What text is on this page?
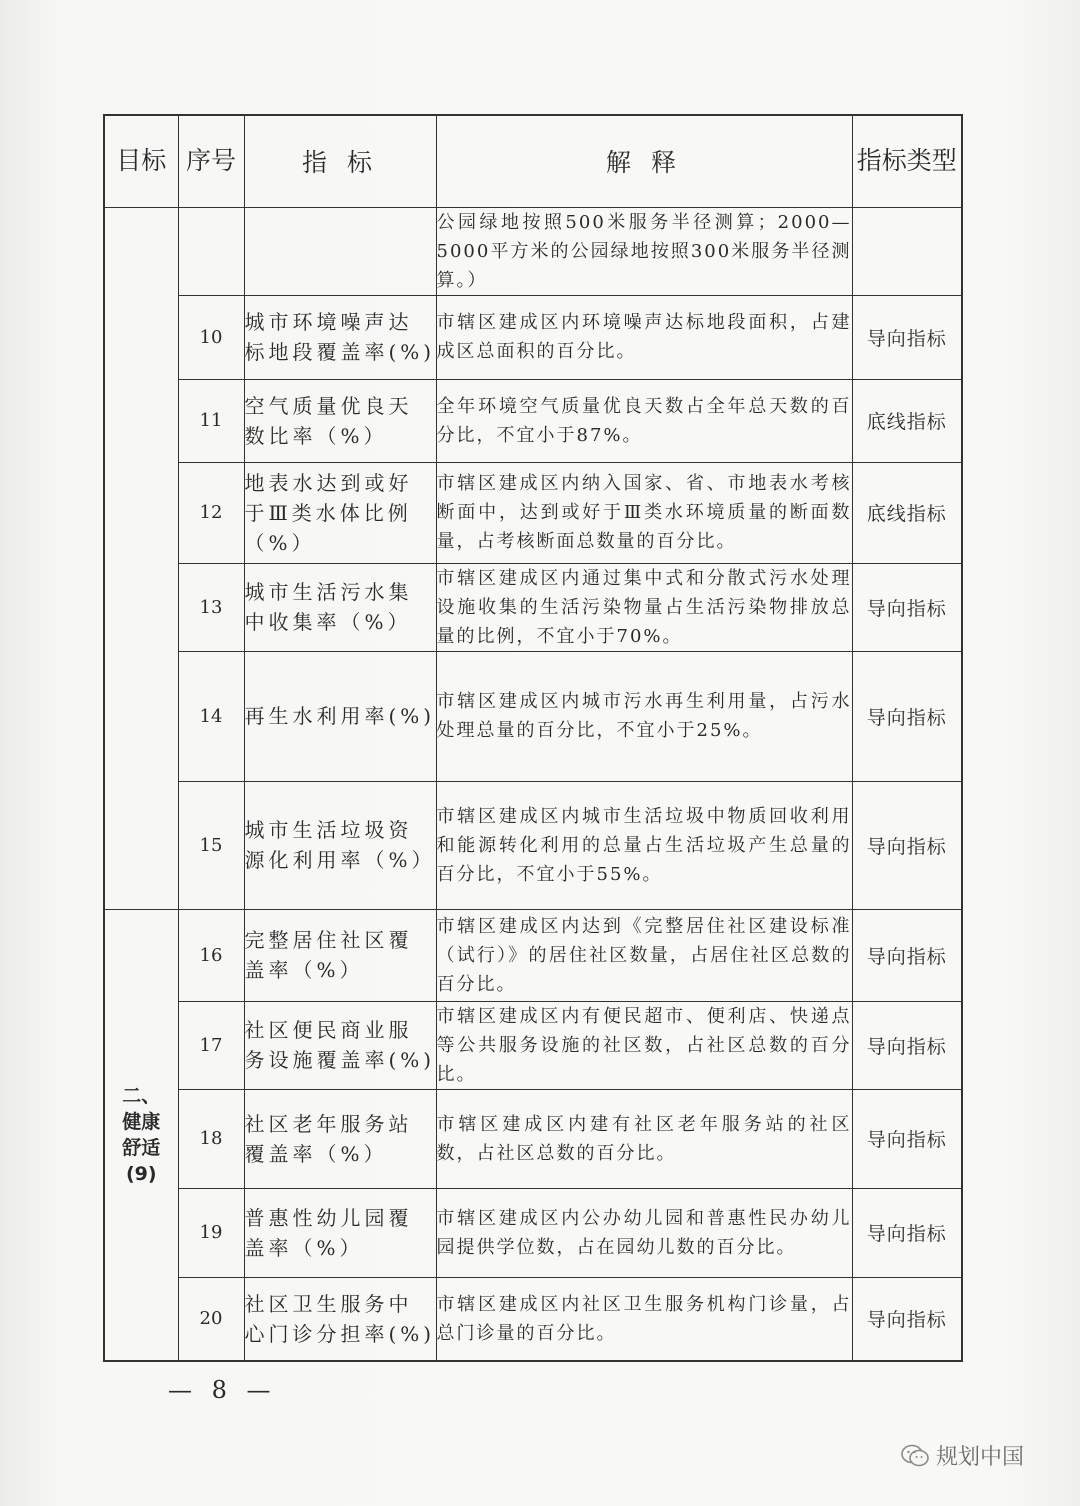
目标	序号	指 标	解 释	指标类型

			公园绿地按照500米服务半径测算；2000—5000平方米的公园绿地按照300米服务半径测算。）	
	10	城市环境噪声达标地段覆盖率(%)	市辖区建成区内环境噪声达标地段面积，占建成区总面积的百分比。	导向指标
	11	空气质量优良天数比率（%）	全年环境空气质量优良天数占全年总天数的百分比，不宜小于87%。	底线指标
	12	地表水达到或好于Ⅲ类水体比例（%）	市辖区建成区内纳入国家、省、市地表水考核断面中，达到或好于Ⅲ类水环境质量的断面数量，占考核断面总数量的百分比。	底线指标
	13	城市生活污水集中收集率（%）	市辖区建成区内通过集中式和分散式污水处理设施收集的生活污染物量占生活污染物排放总量的比例，不宜小于70%。	导向指标
	14	再生水利用率(%)	市辖区建成区内城市污水再生利用量，占污水处理总量的百分比，不宜小于25%。	导向指标
	15	城市生活垃圾资源化利用率（%）	市辖区建成区内城市生活垃圾中物质回收利用和能源转化利用的总量占生活垃圾产生总量的百分比，不宜小于55%。	导向指标
二、健康舒适(9)	16	完整居住社区覆盖率（%）	市辖区建成区内达到《完整居住社区建设标准（试行）》的居住社区数量，占居住社区总数的百分比。	导向指标
	17	社区便民商业服务设施覆盖率(%)	市辖区建成区内有便民超市、便利店、快递点等公共服务设施的社区数，占社区总数的百分比。	导向指标
	18	社区老年服务站覆盖率（%）	市辖区建成区内建有社区老年服务站的社区数，占社区总数的百分比。	导向指标
	19	普惠性幼儿园覆盖率（%）	市辖区建成区内公办幼儿园和普惠性民办幼儿园提供学位数，占在园幼儿数的百分比。	导向指标
	20	社区卫生服务中心门诊分担率(%)	市辖区建成区内社区卫生服务机构门诊量，占总门诊量的百分比。	导向指标
— 8 —
规划中国
